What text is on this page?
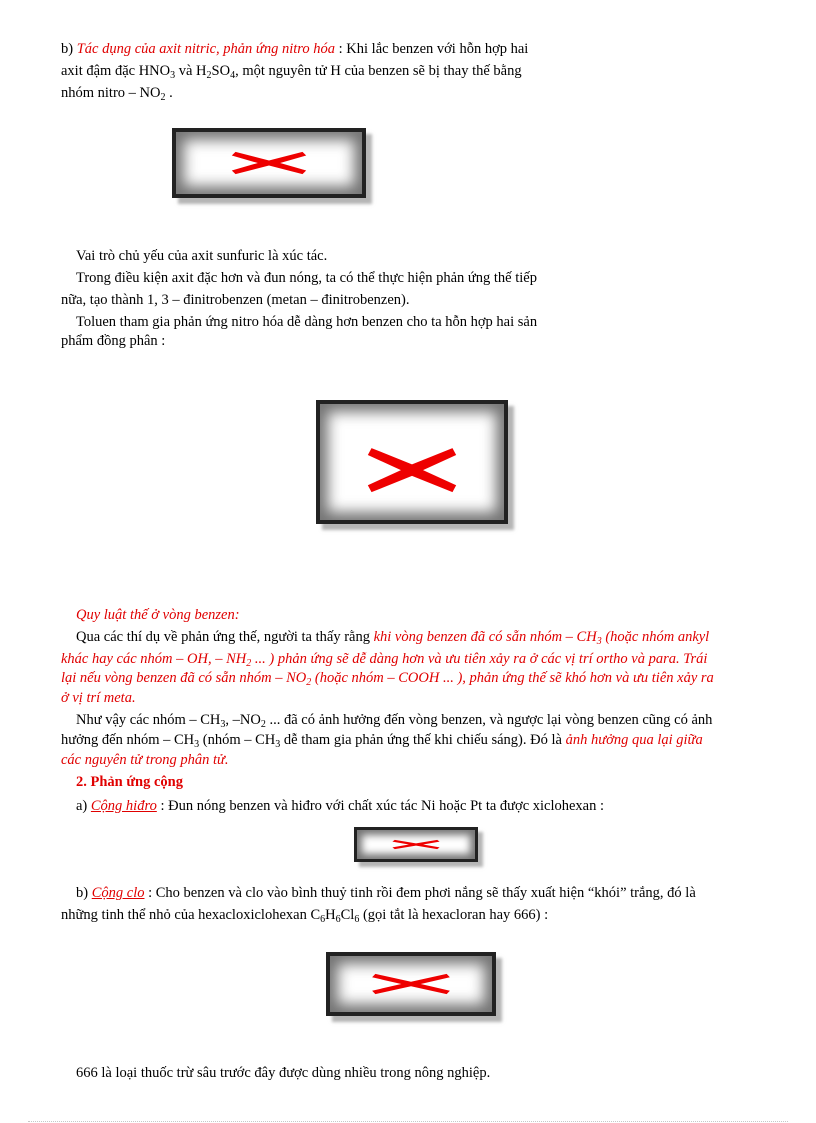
b) Tác dụng của axit nitric, phản ứng nitro hóa : Khi lắc benzen với hỗn hợp hai
axit đậm đặc $HNO_3$ và $H_2SO_4$, một nguyên tử H của benzen sẽ bị thay thế bằng
nhóm nitro – $NO_2$ .
Vai trò chủ yếu của axit sunfuric là xúc tác.
Trong điều kiện axit đặc hơn và đun nóng, ta có thể thực hiện phản ứng thế tiếp
nữa, tạo thành 1, 3 – đinitrobenzen (metan – đinitrobenzen).
Toluen tham gia phản ứng nitro hóa dễ dàng hơn benzen cho ta hỗn hợp hai sản
phẩm đồng phân :
Quy luật thế ở vòng benzen:
Qua các thí dụ về phản ứng thế, người ta thấy rằng khi vòng benzen đã có sẵn nhóm – $CH_3$ (hoặc nhóm ankyl
khác hay các nhóm – OH, – $NH_2$ ... ) phản ứng sẽ dễ dàng hơn và ưu tiên xảy ra ở các vị trí ortho và para. Trái
lại nếu vòng benzen đã có sẵn nhóm – $NO_2$ (hoặc nhóm – COOH ... ), phản ứng thế sẽ khó hơn và ưu tiên xảy ra
ở vị trí meta.
Như vậy các nhóm – $CH_3$, $-NO_2$ ... đã có ảnh hưởng đến vòng benzen, và ngược lại vòng benzen cũng có ảnh
hưởng đến nhóm – $CH_3$ (nhóm – $CH_3$ dễ tham gia phản ứng thế khi chiếu sáng). Đó là ảnh hưởng qua lại giữa
các nguyên tử trong phân tử.
2. Phản ứng cộng
a) Cộng hiđro : Đun nóng benzen và hiđro với chất xúc tác Ni hoặc Pt ta được xiclohexan :
b) Cộng clo : Cho benzen và clo vào bình thuỷ tinh rồi đem phơi nắng sẽ thấy xuất hiện “khói” trắng, đó là
những tinh thể nhỏ của hexacloxiclohexan $C_6H_6Cl_6$ (gọi tắt là hexacloran hay 666) :
666 là loại thuốc trừ sâu trước đây được dùng nhiều trong nông nghiệp.
